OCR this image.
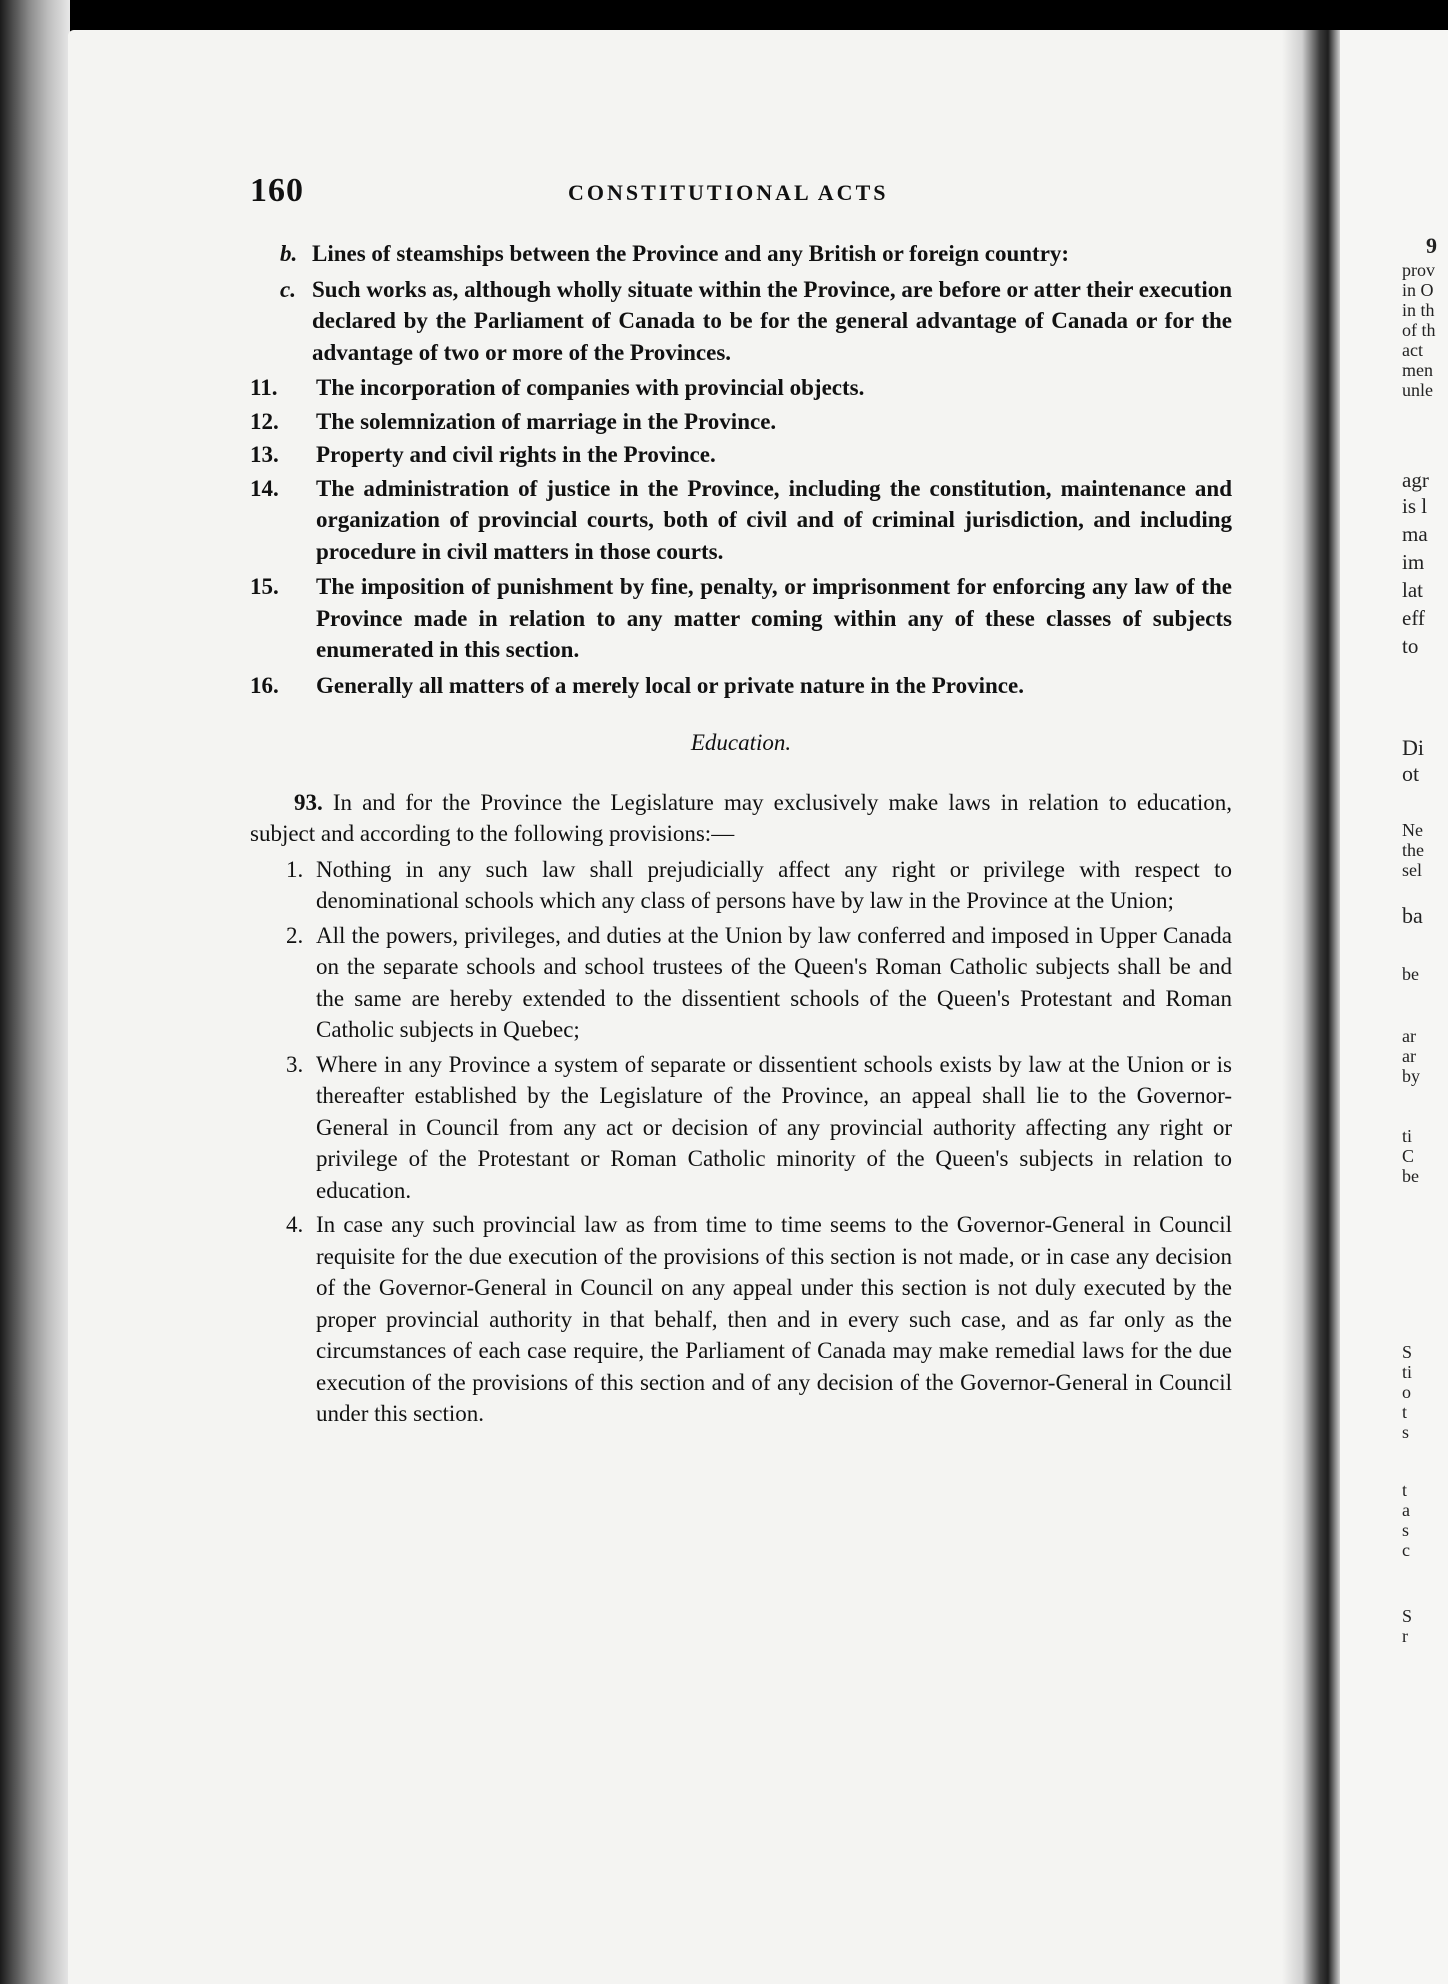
160	CONSTITUTIONAL ACTS
b. Lines of steamships between the Province and any British or foreign country:
c. Such works as, although wholly situate within the Province, are before or atter their execution declared by the Parliament of Canada to be for the general advantage of Canada or for the advantage of two or more of the Provinces.
11.	The incorporation of companies with provincial objects.
12.	The solemnization of marriage in the Province.
13.	Property and civil rights in the Province.
14.	The administration of justice in the Province, including the constitution, maintenance and organization of provincial courts, both of civil and of criminal jurisdiction, and including procedure in civil matters in those courts.
15.	The imposition of punishment by fine, penalty, or imprisonment for enforcing any law of the Province made in relation to any matter coming within any of these classes of subjects enumerated in this section.
16.	Generally all matters of a merely local or private nature in the Province.
Education.
93. In and for the Province the Legislature may exclusively make laws in relation to education, subject and according to the following provisions:—
1. Nothing in any such law shall prejudicially affect any right or privilege with respect to denominational schools which any class of persons have by law in the Province at the Union;
2. All the powers, privileges, and duties at the Union by law conferred and imposed in Upper Canada on the separate schools and school trustees of the Queen's Roman Catholic subjects shall be and the same are hereby extended to the dissentient schools of the Queen's Protestant and Roman Catholic subjects in Quebec;
3. Where in any Province a system of separate or dissentient schools exists by law at the Union or is thereafter established by the Legislature of the Province, an appeal shall lie to the Governor-General in Council from any act or decision of any provincial authority affecting any right or privilege of the Protestant or Roman Catholic minority of the Queen's subjects in relation to education.
4. In case any such provincial law as from time to time seems to the Governor-General in Council requisite for the due execution of the provisions of this section is not made, or in case any decision of the Governor-General in Council on any appeal under this section is not duly executed by the proper provincial authority in that behalf, then and in every such case, and as far only as the circumstances of each case require, the Parliament of Canada may make remedial laws for the due execution of the provisions of this section and of any decision of the Governor-General in Council under this section.
9
prov
in O
in th
of th
act
men
unle
agr
is l
ma
im
lat
eff
to
Di
ot
Ne
the
sel
ba
be
ar
ar
by
ti
C
be
S
ti
o
t
s
t
a
s
c
S
r
